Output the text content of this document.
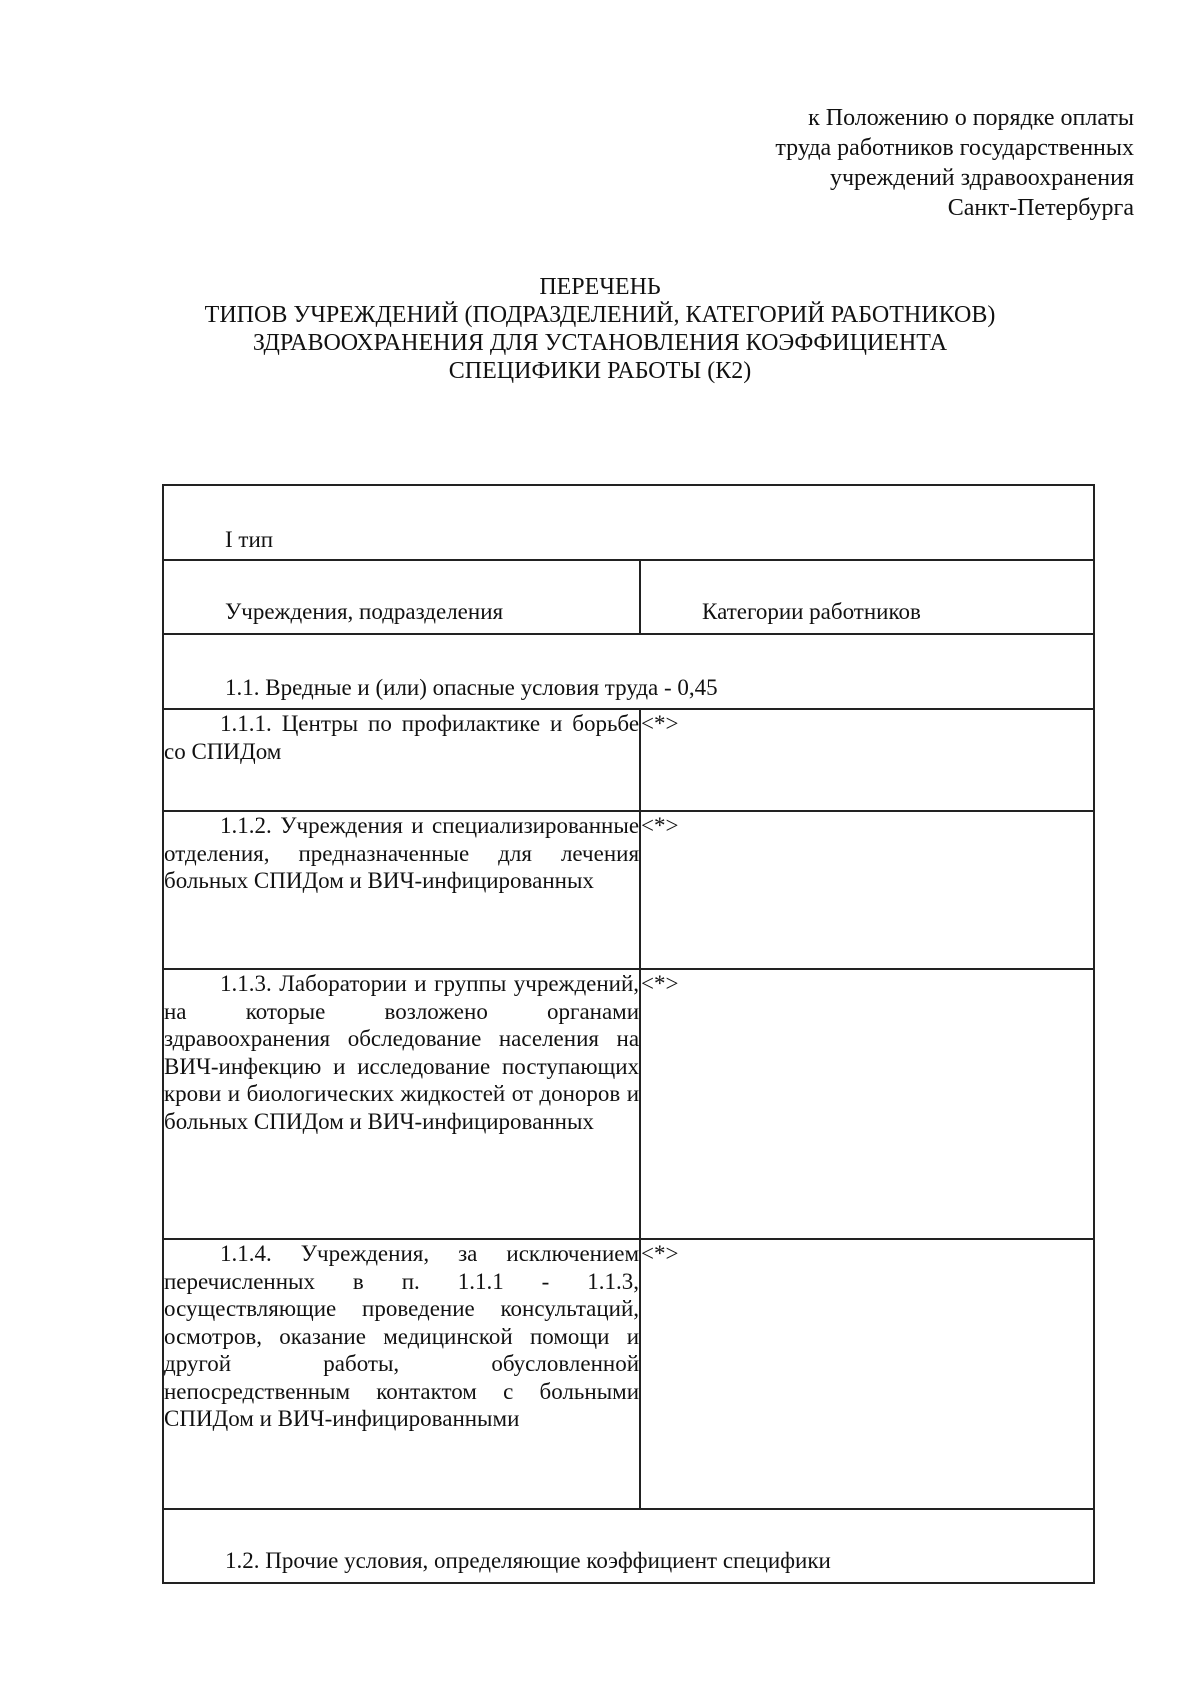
к Положению о порядке оплаты
труда работников государственных
учреждений здравоохранения
Санкт-Петербурга
ПЕРЕЧЕНЬ
ТИПОВ УЧРЕЖДЕНИЙ (ПОДРАЗДЕЛЕНИЙ, КАТЕГОРИЙ РАБОТНИКОВ)
ЗДРАВООХРАНЕНИЯ ДЛЯ УСТАНОВЛЕНИЯ КОЭФФИЦИЕНТА
СПЕЦИФИКИ РАБОТЫ (К2)
I тип	

Учреждения, подразделения	Категории работников

1.1. Вредные и (или) опасные условия труда - 0,45	

1.1.1. Центры по профилактике и борьбе со СПИДом	<*>

1.1.2. Учреждения и специализированные отделения, предназначенные для лечения больных СПИДом и ВИЧ-инфицированных	<*>

1.1.3. Лаборатории и группы учреждений, на которые возложено органами здравоохранения обследование населения на ВИЧ-инфекцию и исследование поступающих крови и биологических жидкостей от доноров и больных СПИДом и ВИЧ-инфицированных	<*>

1.1.4. Учреждения, за исключением перечисленных в п. 1.1.1 - 1.1.3, осуществляющие проведение консультаций, осмотров, оказание медицинской помощи и другой работы, обусловленной непосредственным контактом с больными СПИДом и ВИЧ-инфицированными	<*>

1.2. Прочие условия, определяющие коэффициент специфики	
